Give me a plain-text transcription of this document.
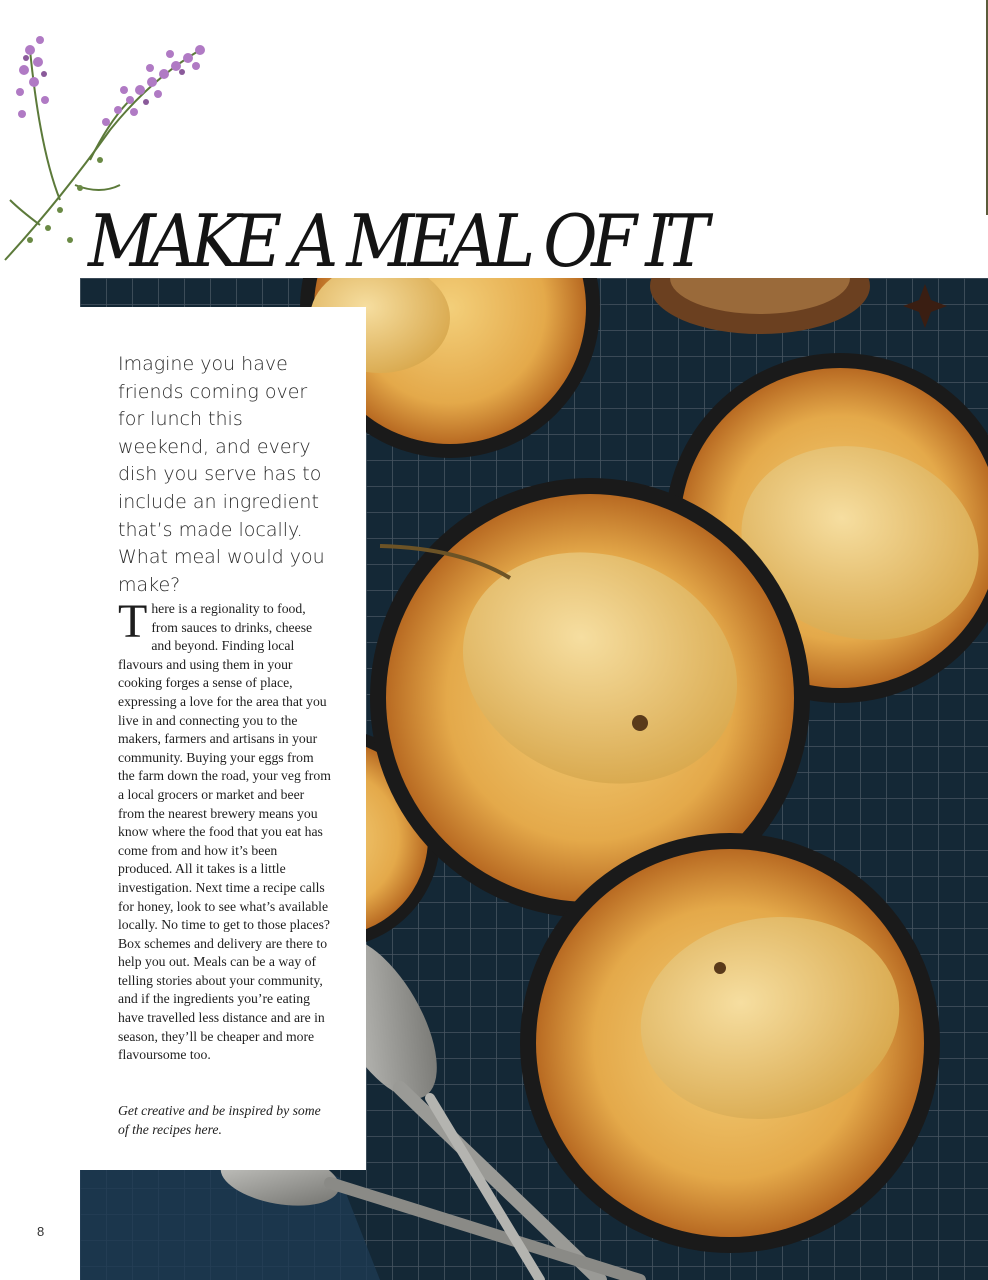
MAKE A MEAL OF IT

Imagine you have friends coming over for lunch this weekend, and every dish you serve has to include an ingredient that’s made locally. What meal would you make?

There is a regionality to food, from sauces to drinks, cheese and beyond. Finding local flavours and using them in your cooking forges a sense of place, expressing a love for the area that you live in and connecting you to the makers, farmers and artisans in your community. Buying your eggs from the farm down the road, your veg from a local grocers or market and beer from the nearest brewery means you know where the food that you eat has come from and how it’s been produced. All it takes is a little investigation. Next time a recipe calls for honey, look to see what’s available locally. No time to get to those places? Box schemes and delivery are there to help you out. Meals can be a way of telling stories about your community, and if the ingredients you’re eating have travelled less distance and are in season, they’ll be cheaper and more flavoursome too.

Get creative and be inspired by some of the recipes here.

8
